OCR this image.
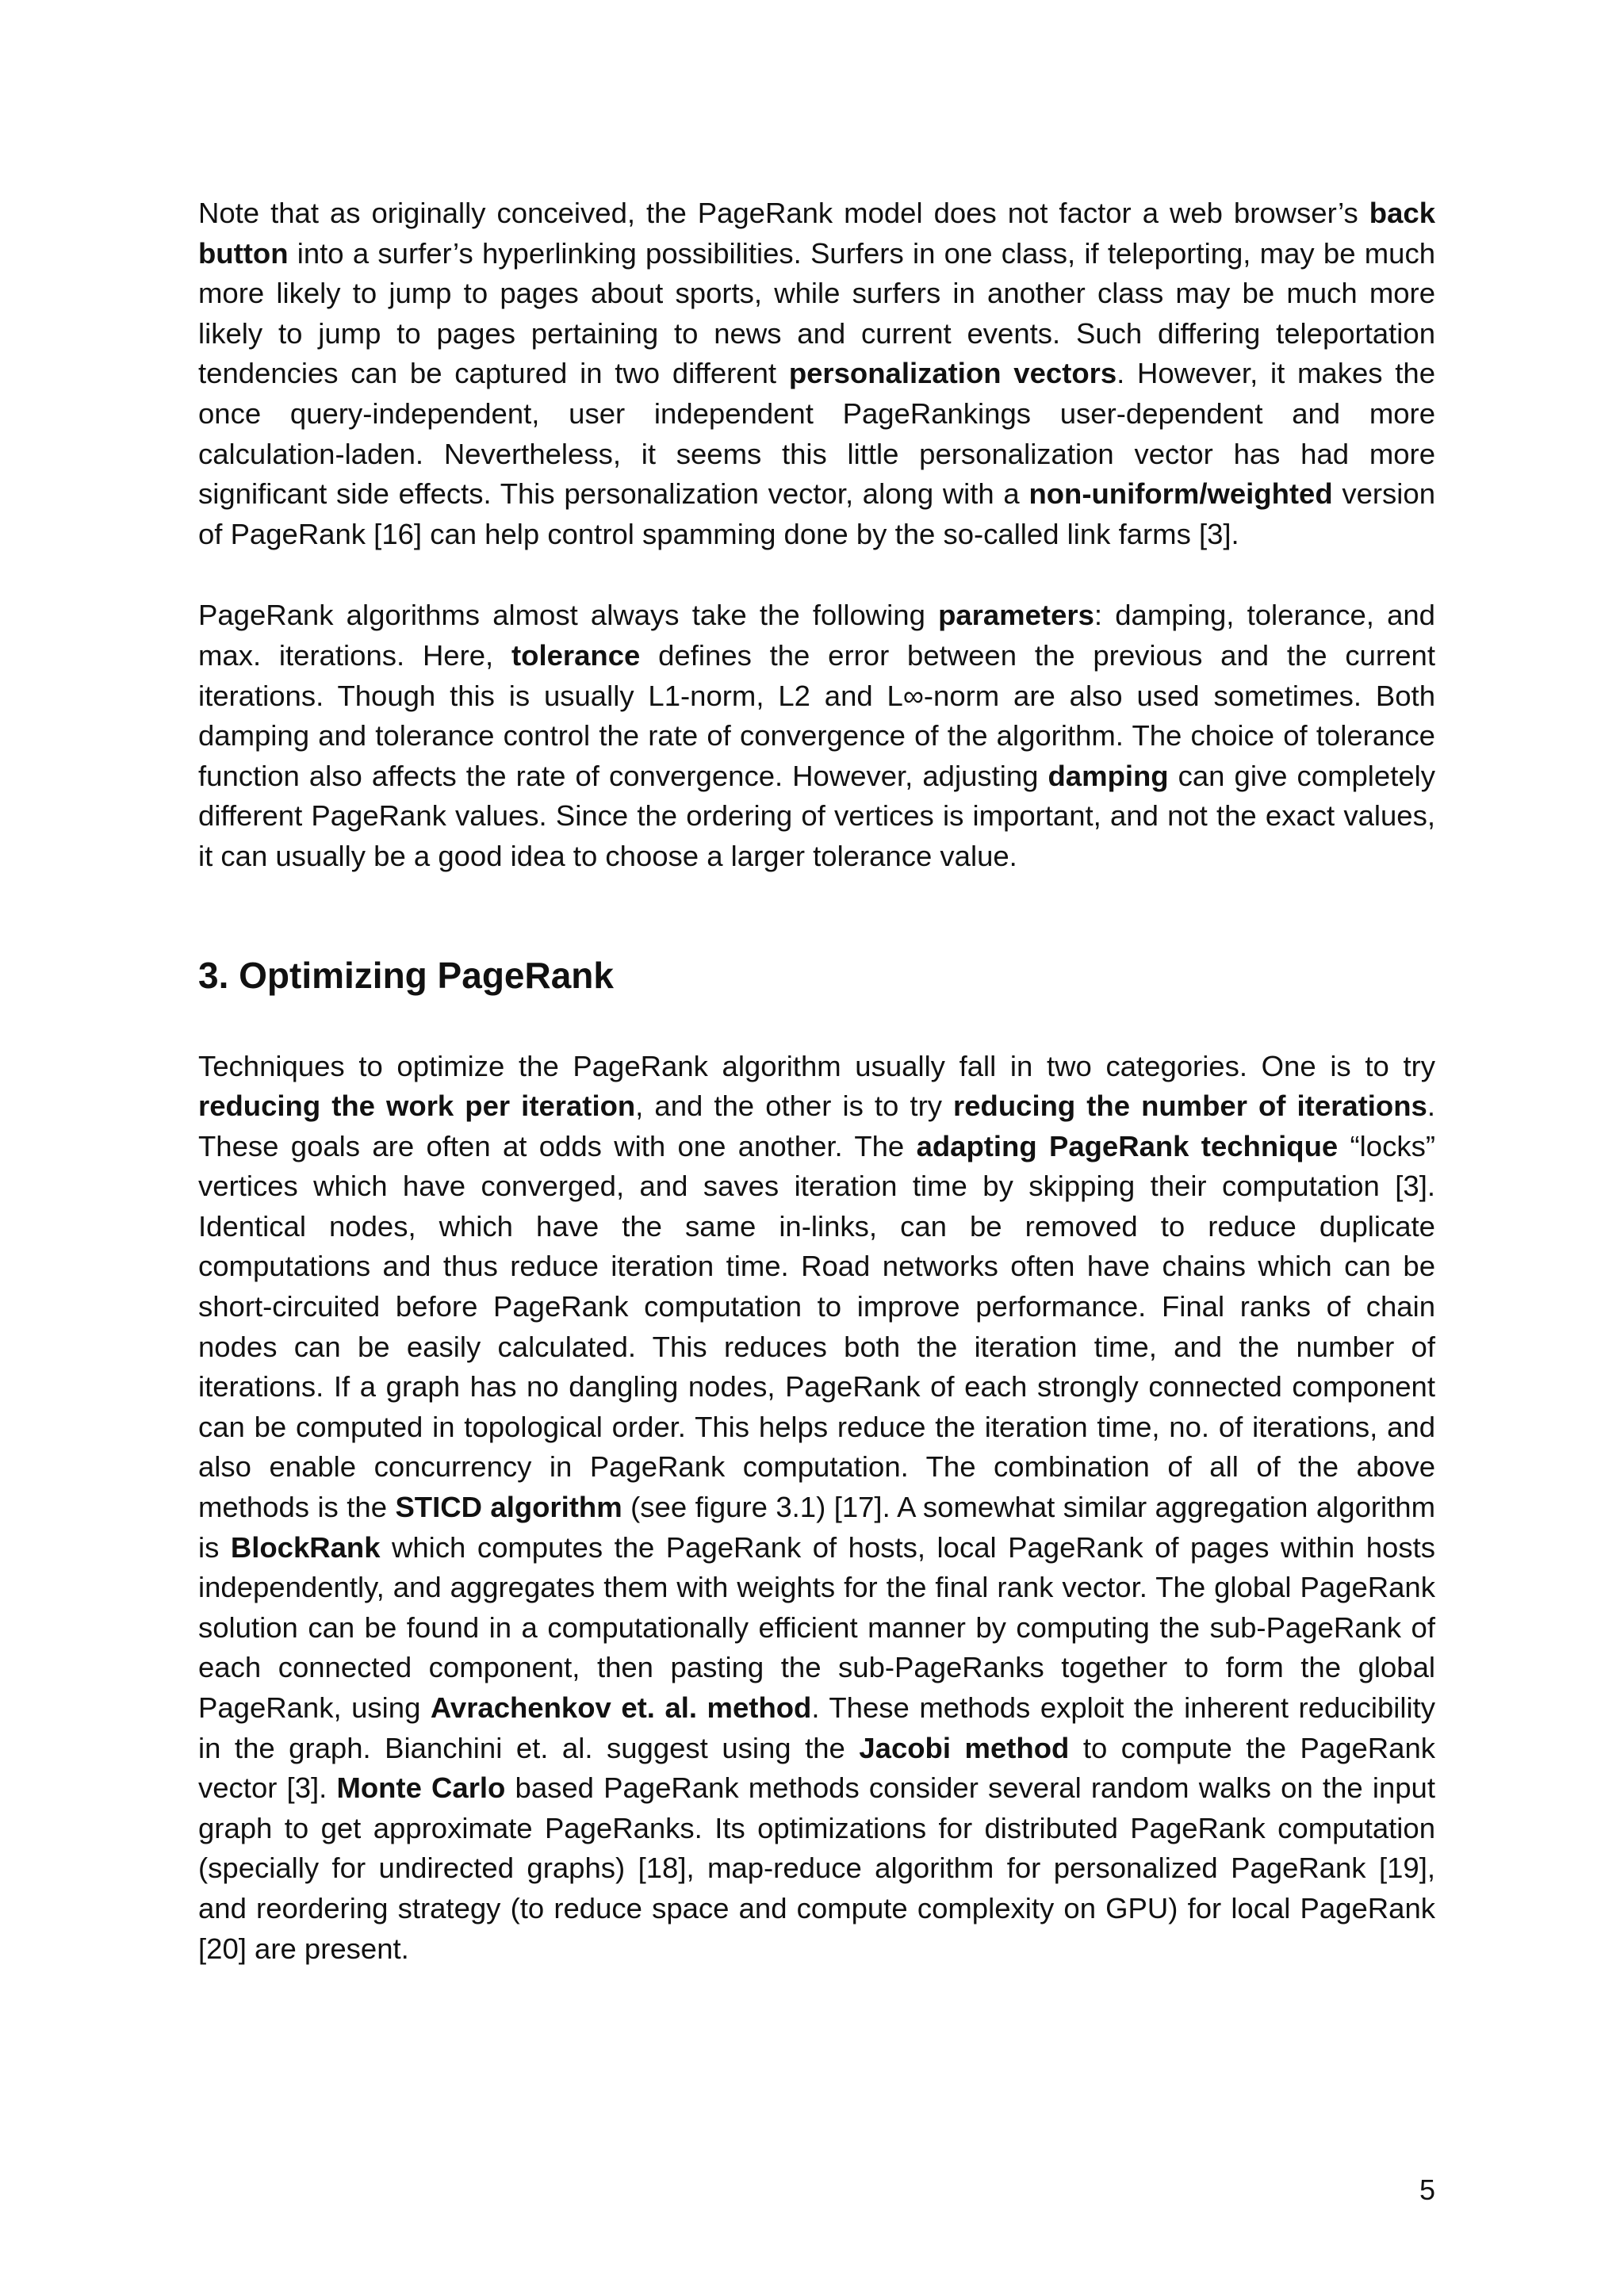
Note that as originally conceived, the PageRank model does not factor a web browser’s back button into a surfer’s hyperlinking possibilities. Surfers in one class, if teleporting, may be much more likely to jump to pages about sports, while surfers in another class may be much more likely to jump to pages pertaining to news and current events. Such differing teleportation tendencies can be captured in two different personalization vectors. However, it makes the once query-independent, user independent PageRankings user-dependent and more calculation-laden. Nevertheless, it seems this little personalization vector has had more significant side effects. This personalization vector, along with a non-uniform/weighted version of PageRank [16] can help control spamming done by the so-called link farms [3].

PageRank algorithms almost always take the following parameters: damping, tolerance, and max. iterations. Here, tolerance defines the error between the previous and the current iterations. Though this is usually L1-norm, L2 and L∞-norm are also used sometimes. Both damping and tolerance control the rate of convergence of the algorithm. The choice of tolerance function also affects the rate of convergence. However, adjusting damping can give completely different PageRank values. Since the ordering of vertices is important, and not the exact values, it can usually be a good idea to choose a larger tolerance value.

3. Optimizing PageRank

Techniques to optimize the PageRank algorithm usually fall in two categories. One is to try reducing the work per iteration, and the other is to try reducing the number of iterations. These goals are often at odds with one another. The adapting PageRank technique “locks” vertices which have converged, and saves iteration time by skipping their computation [3]. Identical nodes, which have the same in-links, can be removed to reduce duplicate computations and thus reduce iteration time. Road networks often have chains which can be short-circuited before PageRank computation to improve performance. Final ranks of chain nodes can be easily calculated. This reduces both the iteration time, and the number of iterations. If a graph has no dangling nodes, PageRank of each strongly connected component can be computed in topological order. This helps reduce the iteration time, no. of iterations, and also enable concurrency in PageRank computation. The combination of all of the above methods is the STICD algorithm (see figure 3.1) [17]. A somewhat similar aggregation algorithm is BlockRank which computes the PageRank of hosts, local PageRank of pages within hosts independently, and aggregates them with weights for the final rank vector. The global PageRank solution can be found in a computationally efficient manner by computing the sub-PageRank of each connected component, then pasting the sub-PageRanks together to form the global PageRank, using Avrachenkov et. al. method. These methods exploit the inherent reducibility in the graph. Bianchini et. al. suggest using the Jacobi method to compute the PageRank vector [3]. Monte Carlo based PageRank methods consider several random walks on the input graph to get approximate PageRanks. Its optimizations for distributed PageRank computation (specially for undirected graphs) [18], map-reduce algorithm for personalized PageRank [19], and reordering strategy (to reduce space and compute complexity on GPU) for local PageRank [20] are present.

5
